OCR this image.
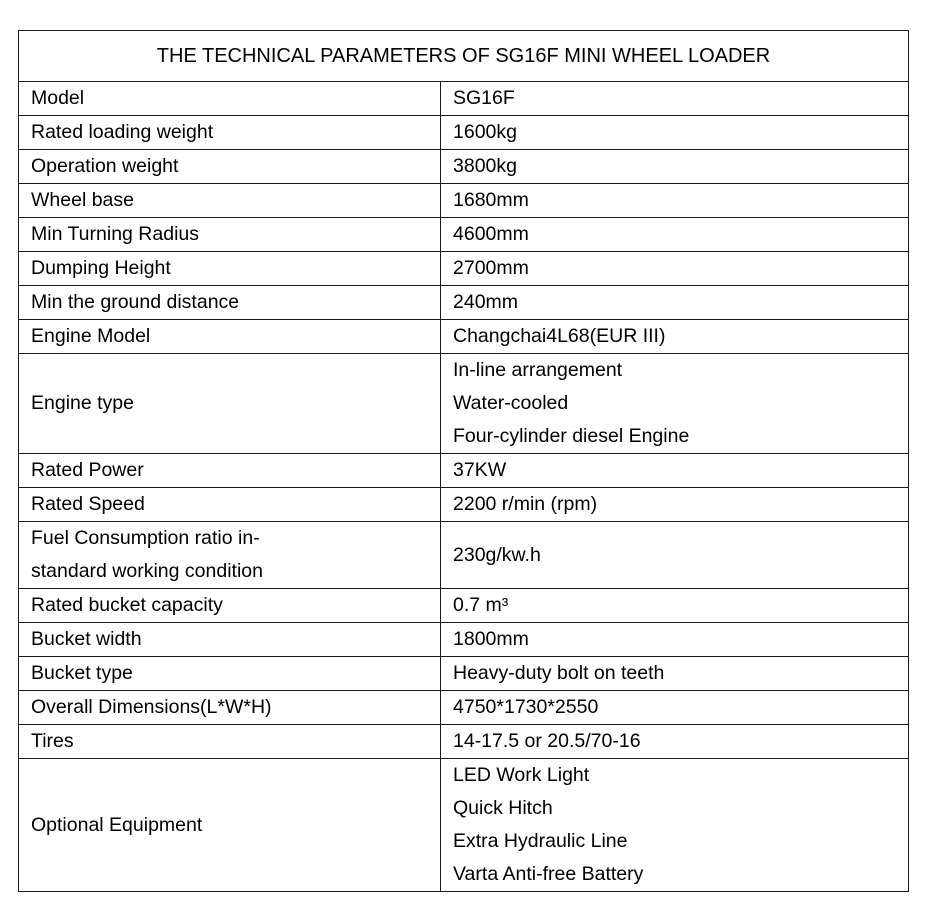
THE TECHNICAL PARAMETERS OF SG16F MINI WHEEL LOADER	
Model	SG16F

Rated loading weight	1600kg

Operation weight	3800kg

Wheel base	1680mm

Min Turning Radius	4600mm

Dumping Height	2700mm

Min the ground distance	240mm

Engine Model	Changchai4L68(EUR III)

Engine type	In-line arrangement
Water-cooled
Four-cylinder diesel Engine

Rated Power	37KW

Rated Speed	2200 r/min (rpm)

Fuel Consumption ratio in-
standard working condition	230g/kw.h

Rated bucket capacity	0.7 m³

Bucket width	1800mm

Bucket type	Heavy-duty bolt on teeth

Overall Dimensions(L*W*H)	4750*1730*2550

Tires	14-17.5 or 20.5/70-16

Optional Equipment	LED Work Light
Quick Hitch
Extra Hydraulic Line
Varta Anti-free Battery
